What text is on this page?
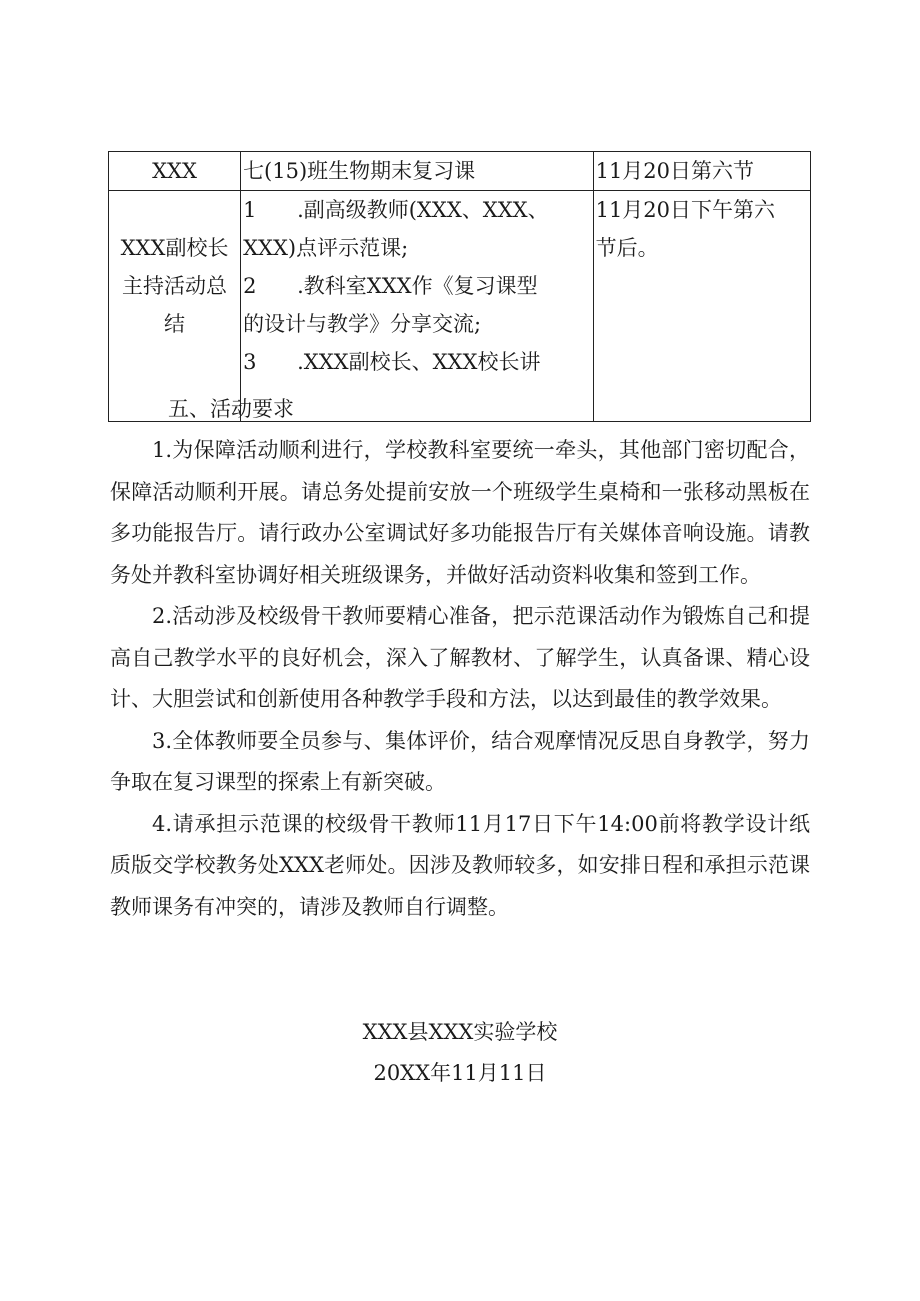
XXX	七(15)班生物期末复习课	11月20日第六节

XXX副校长
主持活动总
结	1 .副高级教师(XXX、XXX、
XXX)点评示范课;
2 .教科室XXX作《复习课型
的设计与教学》分享交流;
3 .XXX副校长、XXX校长讲	11月20日下午第六
节后。
五、活动要求

1.为保障活动顺利进行，学校教科室要统一牵头，其他部门密切配合，保障活动顺利开展。请总务处提前安放一个班级学生桌椅和一张移动黑板在多功能报告厅。请行政办公室调试好多功能报告厅有关媒体音响设施。请教务处并教科室协调好相关班级课务，并做好活动资料收集和签到工作。

2.活动涉及校级骨干教师要精心准备，把示范课活动作为锻炼自己和提高自己教学水平的良好机会，深入了解教材、了解学生，认真备课、精心设计、大胆尝试和创新使用各种教学手段和方法，以达到最佳的教学效果。

3.全体教师要全员参与、集体评价，结合观摩情况反思自身教学，努力争取在复习课型的探索上有新突破。

4.请承担示范课的校级骨干教师11月17日下午14:00前将教学设计纸质版交学校教务处XXX老师处。因涉及教师较多，如安排日程和承担示范课教师课务有冲突的，请涉及教师自行调整。

XXX县XXX实验学校
20XX年11月11日
